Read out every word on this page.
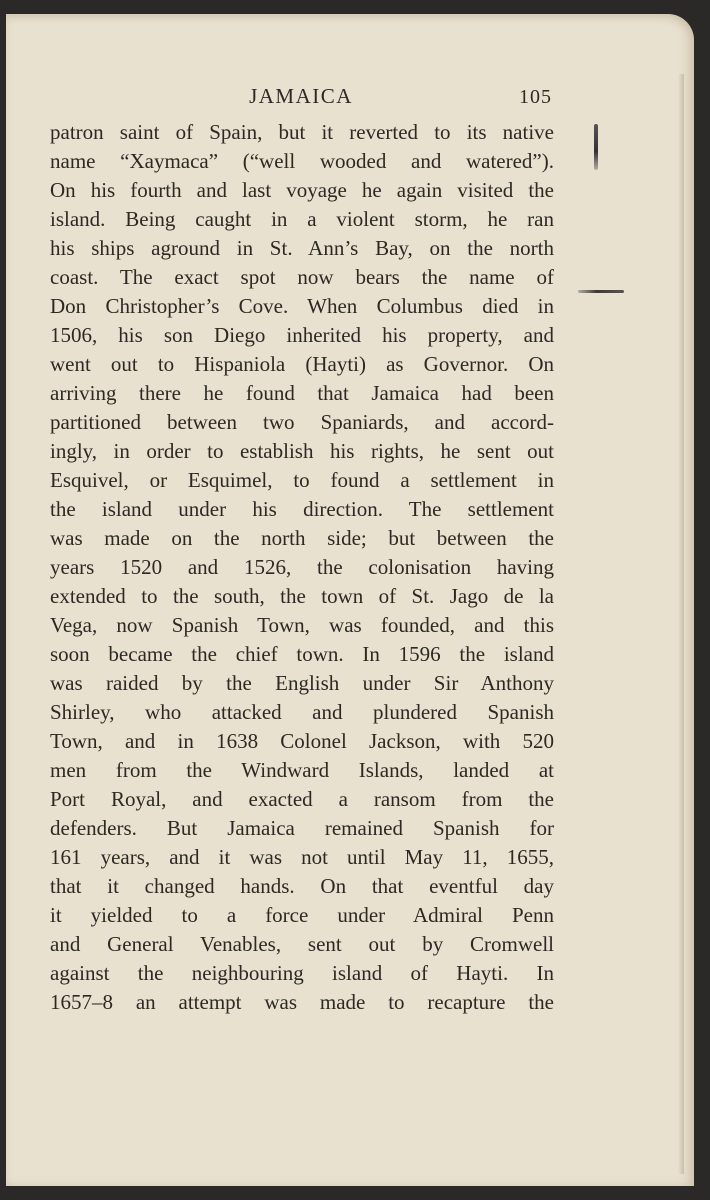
JAMAICA	105
patron saint of Spain, but it reverted to its native
name “Xaymaca” (“well wooded and watered”).
On his fourth and last voyage he again visited the
island. Being caught in a violent storm, he ran
his ships aground in St. Ann’s Bay, on the north
coast. The exact spot now bears the name of
Don Christopher’s Cove. When Columbus died in
1506, his son Diego inherited his property, and
went out to Hispaniola (Hayti) as Governor. On
arriving there he found that Jamaica had been
partitioned between two Spaniards, and accord-
ingly, in order to establish his rights, he sent out
Esquivel, or Esquimel, to found a settlement in
the island under his direction. The settlement
was made on the north side; but between the
years 1520 and 1526, the colonisation having
extended to the south, the town of St. Jago de la
Vega, now Spanish Town, was founded, and this
soon became the chief town. In 1596 the island
was raided by the English under Sir Anthony
Shirley, who attacked and plundered Spanish
Town, and in 1638 Colonel Jackson, with 520
men from the Windward Islands, landed at
Port Royal, and exacted a ransom from the
defenders. But Jamaica remained Spanish for
161 years, and it was not until May 11, 1655,
that it changed hands. On that eventful day
it yielded to a force under Admiral Penn
and General Venables, sent out by Cromwell
against the neighbouring island of Hayti. In
1657–8 an attempt was made to recapture the
